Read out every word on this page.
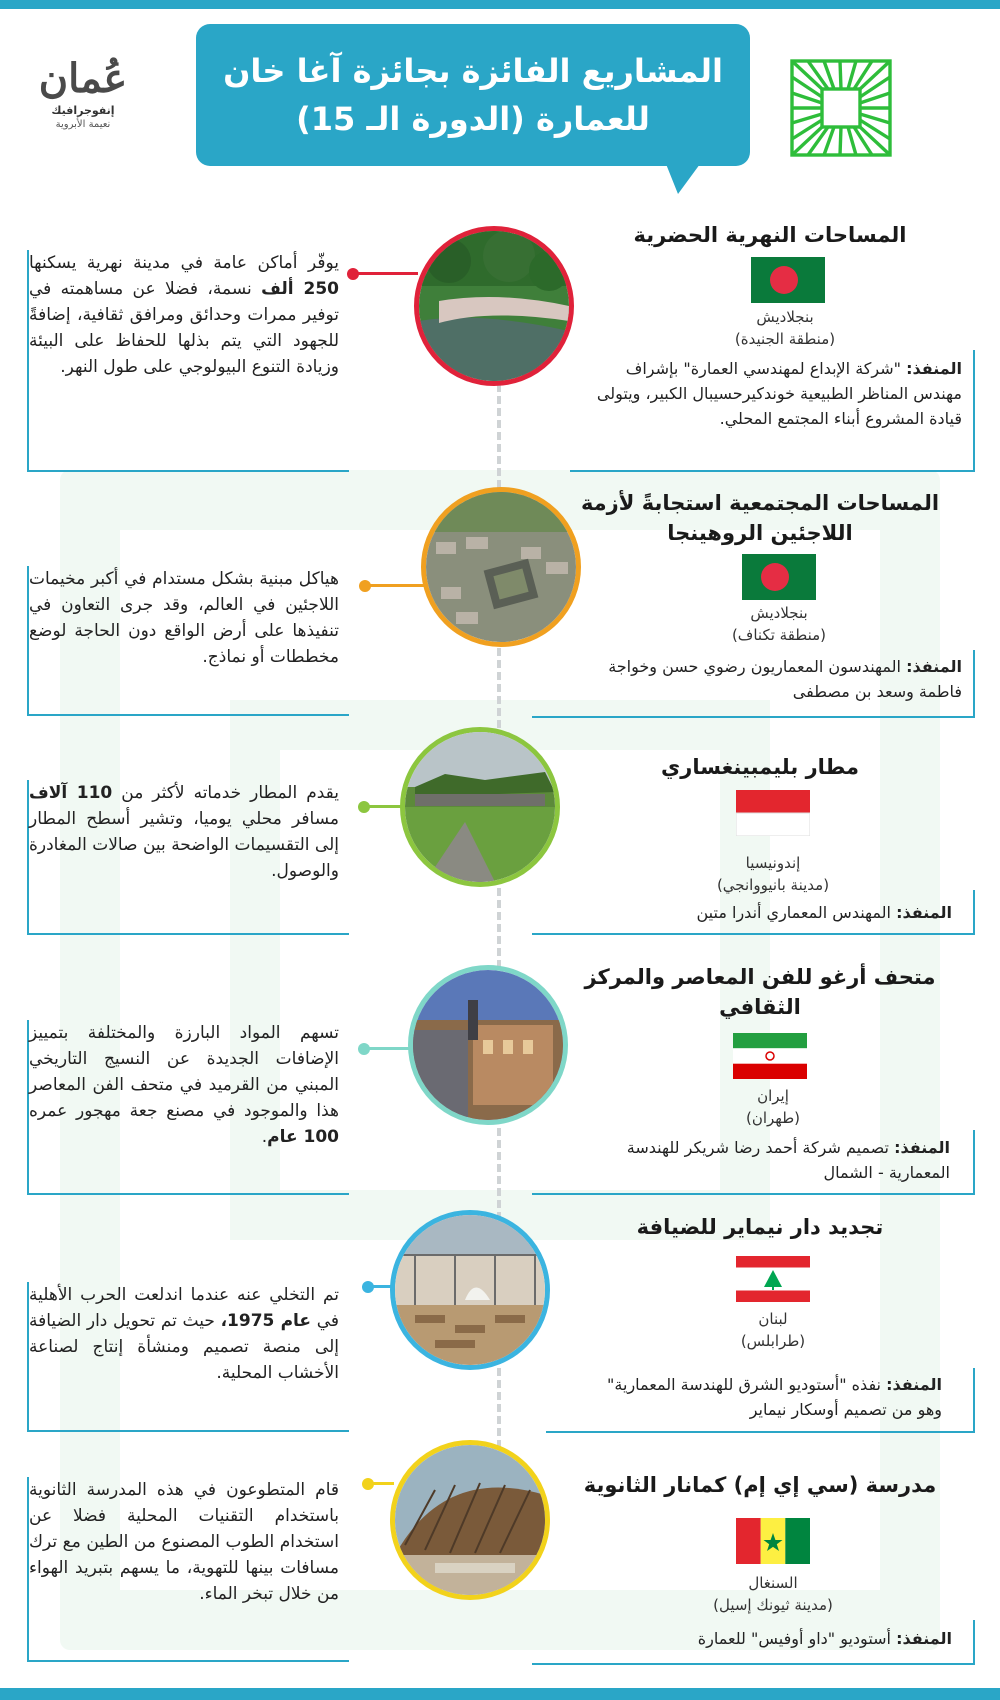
المشاريع الفائزة بجائزة آغا خان
للعمارة (الدورة الـ 15)
عُمان
إنفوجرافيك
نعيمة الأبروية
يوفّر أماكن عامة في مدينة نهرية يسكنها 250 ألف نسمة، فضلا عن مساهمته في توفير ممرات وحدائق ومرافق ثقافية، إضافةً للجهود التي يتم بذلها للحفاظ على البيئة وزيادة التنوع البيولوجي على طول النهر.
المساحات النهرية الحضرية
بنجلاديش
(منطقة الجنيدة)
المنفذ: "شركة الإبداع لمهندسي العمارة" بإشراف مهندس المناظر الطبيعية خوندكيرحسيبال الكبير، ويتولى قيادة المشروع أبناء المجتمع المحلي.
هياكل مبنية بشكل مستدام في أكبر مخيمات اللاجئين في العالم، وقد جرى التعاون في تنفيذها على أرض الواقع دون الحاجة لوضع مخططات أو نماذج.
المساحات المجتمعية استجابةً لأزمة اللاجئين الروهينجا
بنجلاديش
(منطقة تكناف)
المنفذ: المهندسون المعماريون رضوي حسن وخواجة فاطمة وسعد بن مصطفى
يقدم المطار خدماته لأكثر من 110 آلاف مسافر محلي يوميا، وتشير أسطح المطار إلى التقسيمات الواضحة بين صالات المغادرة والوصول.
مطار بليمبينغساري
إندونيسيا
(مدينة بانيووانجي)
المنفذ: المهندس المعماري أندرا متين
تسهم المواد البارزة والمختلفة بتمييز الإضافات الجديدة عن النسيج التاريخي المبني من القرميد في متحف الفن المعاصر هذا والموجود في مصنع جعة مهجور عمره 100 عام.
متحف أرغو للفن المعاصر والمركز الثقافي
إيران
(طهران)
المنفذ: تصميم شركة أحمد رضا شريكر للهندسة المعمارية - الشمال
تم التخلي عنه عندما اندلعت الحرب الأهلية في عام 1975، حيث تم تحويل دار الضيافة إلى منصة تصميم ومنشأة إنتاج لصناعة الأخشاب المحلية.
تجديد دار نيماير للضيافة
لبنان
(طرابلس)
المنفذ: نفذه "أستوديو الشرق للهندسة المعمارية" وهو من تصميم أوسكار نيماير
قام المتطوعون في هذه المدرسة الثانوية باستخدام التقنيات المحلية فضلا عن استخدام الطوب المصنوع من الطين مع ترك مسافات بينها للتهوية، ما يسهم بتبريد الهواء من خلال تبخر الماء.
مدرسة (سي إي إم) كمانار الثانوية
السنغال
(مدينة ثيونك إسيل)
المنفذ: أستوديو "داو أوفيس" للعمارة
